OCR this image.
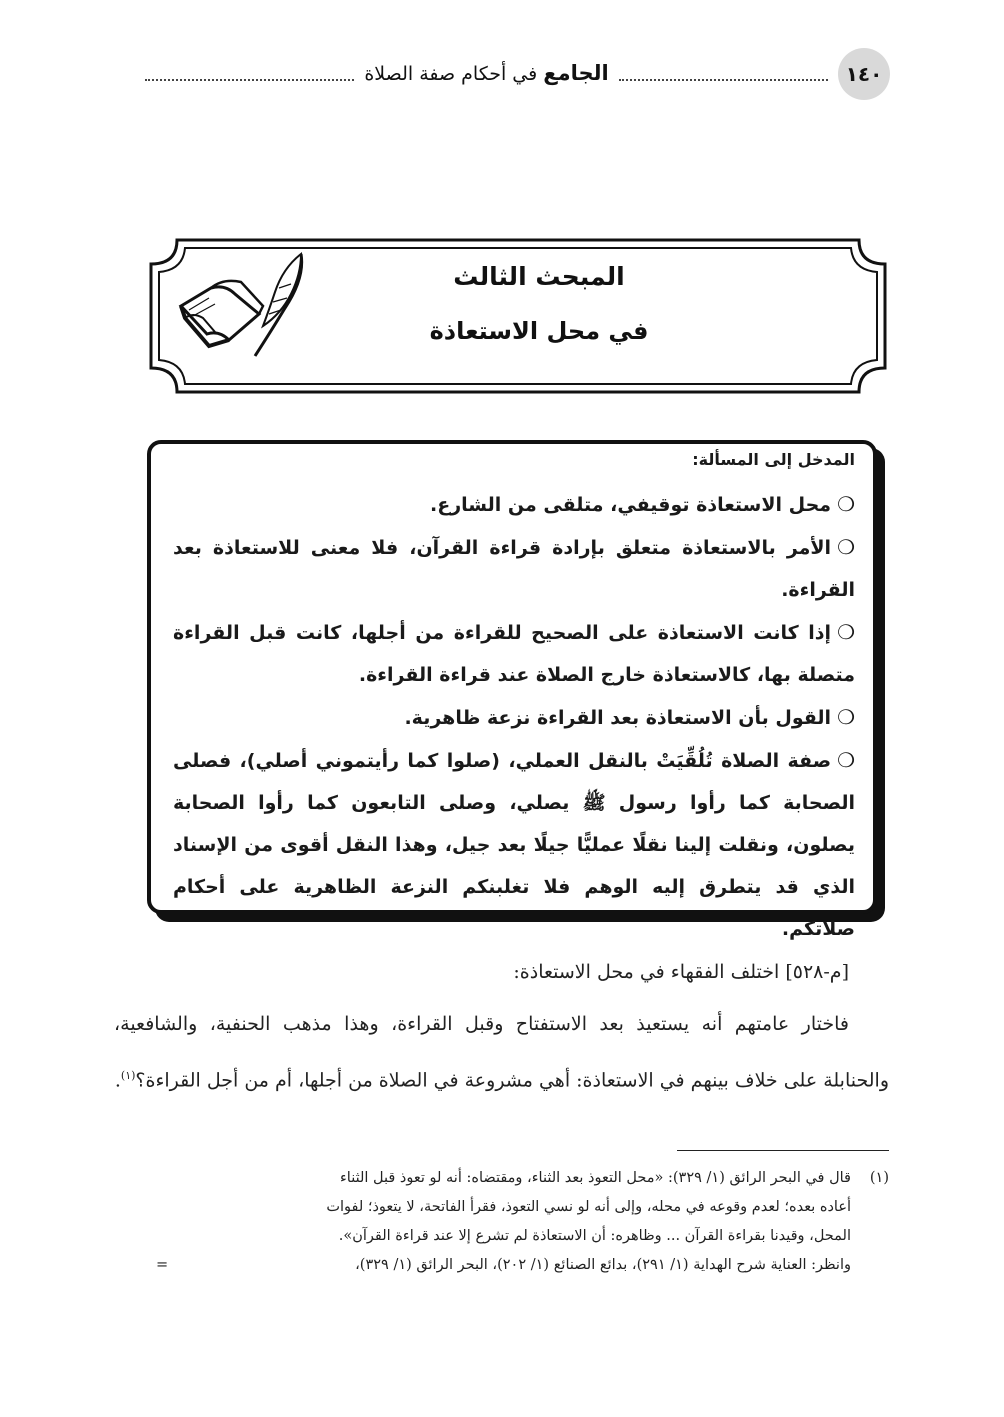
١٤٠
الجامع في أحكام صفة الصلاة
المبحث الثالث
في محل الاستعاذة

المدخل إلى المسألة:

❍محل الاستعاذة توقيفي، متلقى من الشارع.

❍الأمر بالاستعاذة متعلق بإرادة قراءة القرآن، فلا معنى للاستعاذة بعد القراءة.

❍إذا كانت الاستعاذة على الصحيح للقراءة من أجلها، كانت قبل القراءة متصلة بها، كالاستعاذة خارج الصلاة عند قراءة القراءة.

❍القول بأن الاستعاذة بعد القراءة نزعة ظاهرية.

❍صفة الصلاة تُلُقِّيَتْ بالنقل العملي، (صلوا كما رأيتموني أصلي)، فصلى الصحابة كما رأوا رسول ﷺ يصلي، وصلى التابعون كما رأوا الصحابة يصلون، ونقلت إلينا نقلًا عمليًّا جيلًا بعد جيل، وهذا النقل أقوى من الإسناد الذي قد يتطرق إليه الوهم فلا تغلبنكم النزعة الظاهرية على أحكام صلاتكم.

[م-٥٢٨] اختلف الفقهاء في محل الاستعاذة:

فاختار عامتهم أنه يستعيذ بعد الاستفتاح وقبل القراءة، وهذا مذهب الحنفية، والشافعية، والحنابلة على خلاف بينهم في الاستعاذة: أهي مشروعة في الصلاة من أجلها، أم من أجل القراءة؟$^{(١)}$.

(١)
قال في البحر الرائق (١/ ٣٢٩): «محل التعوذ بعد الثناء، ومقتضاه: أنه لو تعوذ قبل الثناء

أعاده بعده؛ لعدم وقوعه في محله، وإلى أنه لو نسي التعوذ، فقرأ الفاتحة، لا يتعوذ؛ لفوات

المحل، وقيدنا بقراءة القرآن ... وظاهره: أن الاستعاذة لم تشرع إلا عند قراءة القرآن».

وانظر: العناية شرح الهداية (١/ ٢٩١)، بدائع الصنائع (١/ ٢٠٢)، البحر الرائق (١/ ٣٢٩)،
=
